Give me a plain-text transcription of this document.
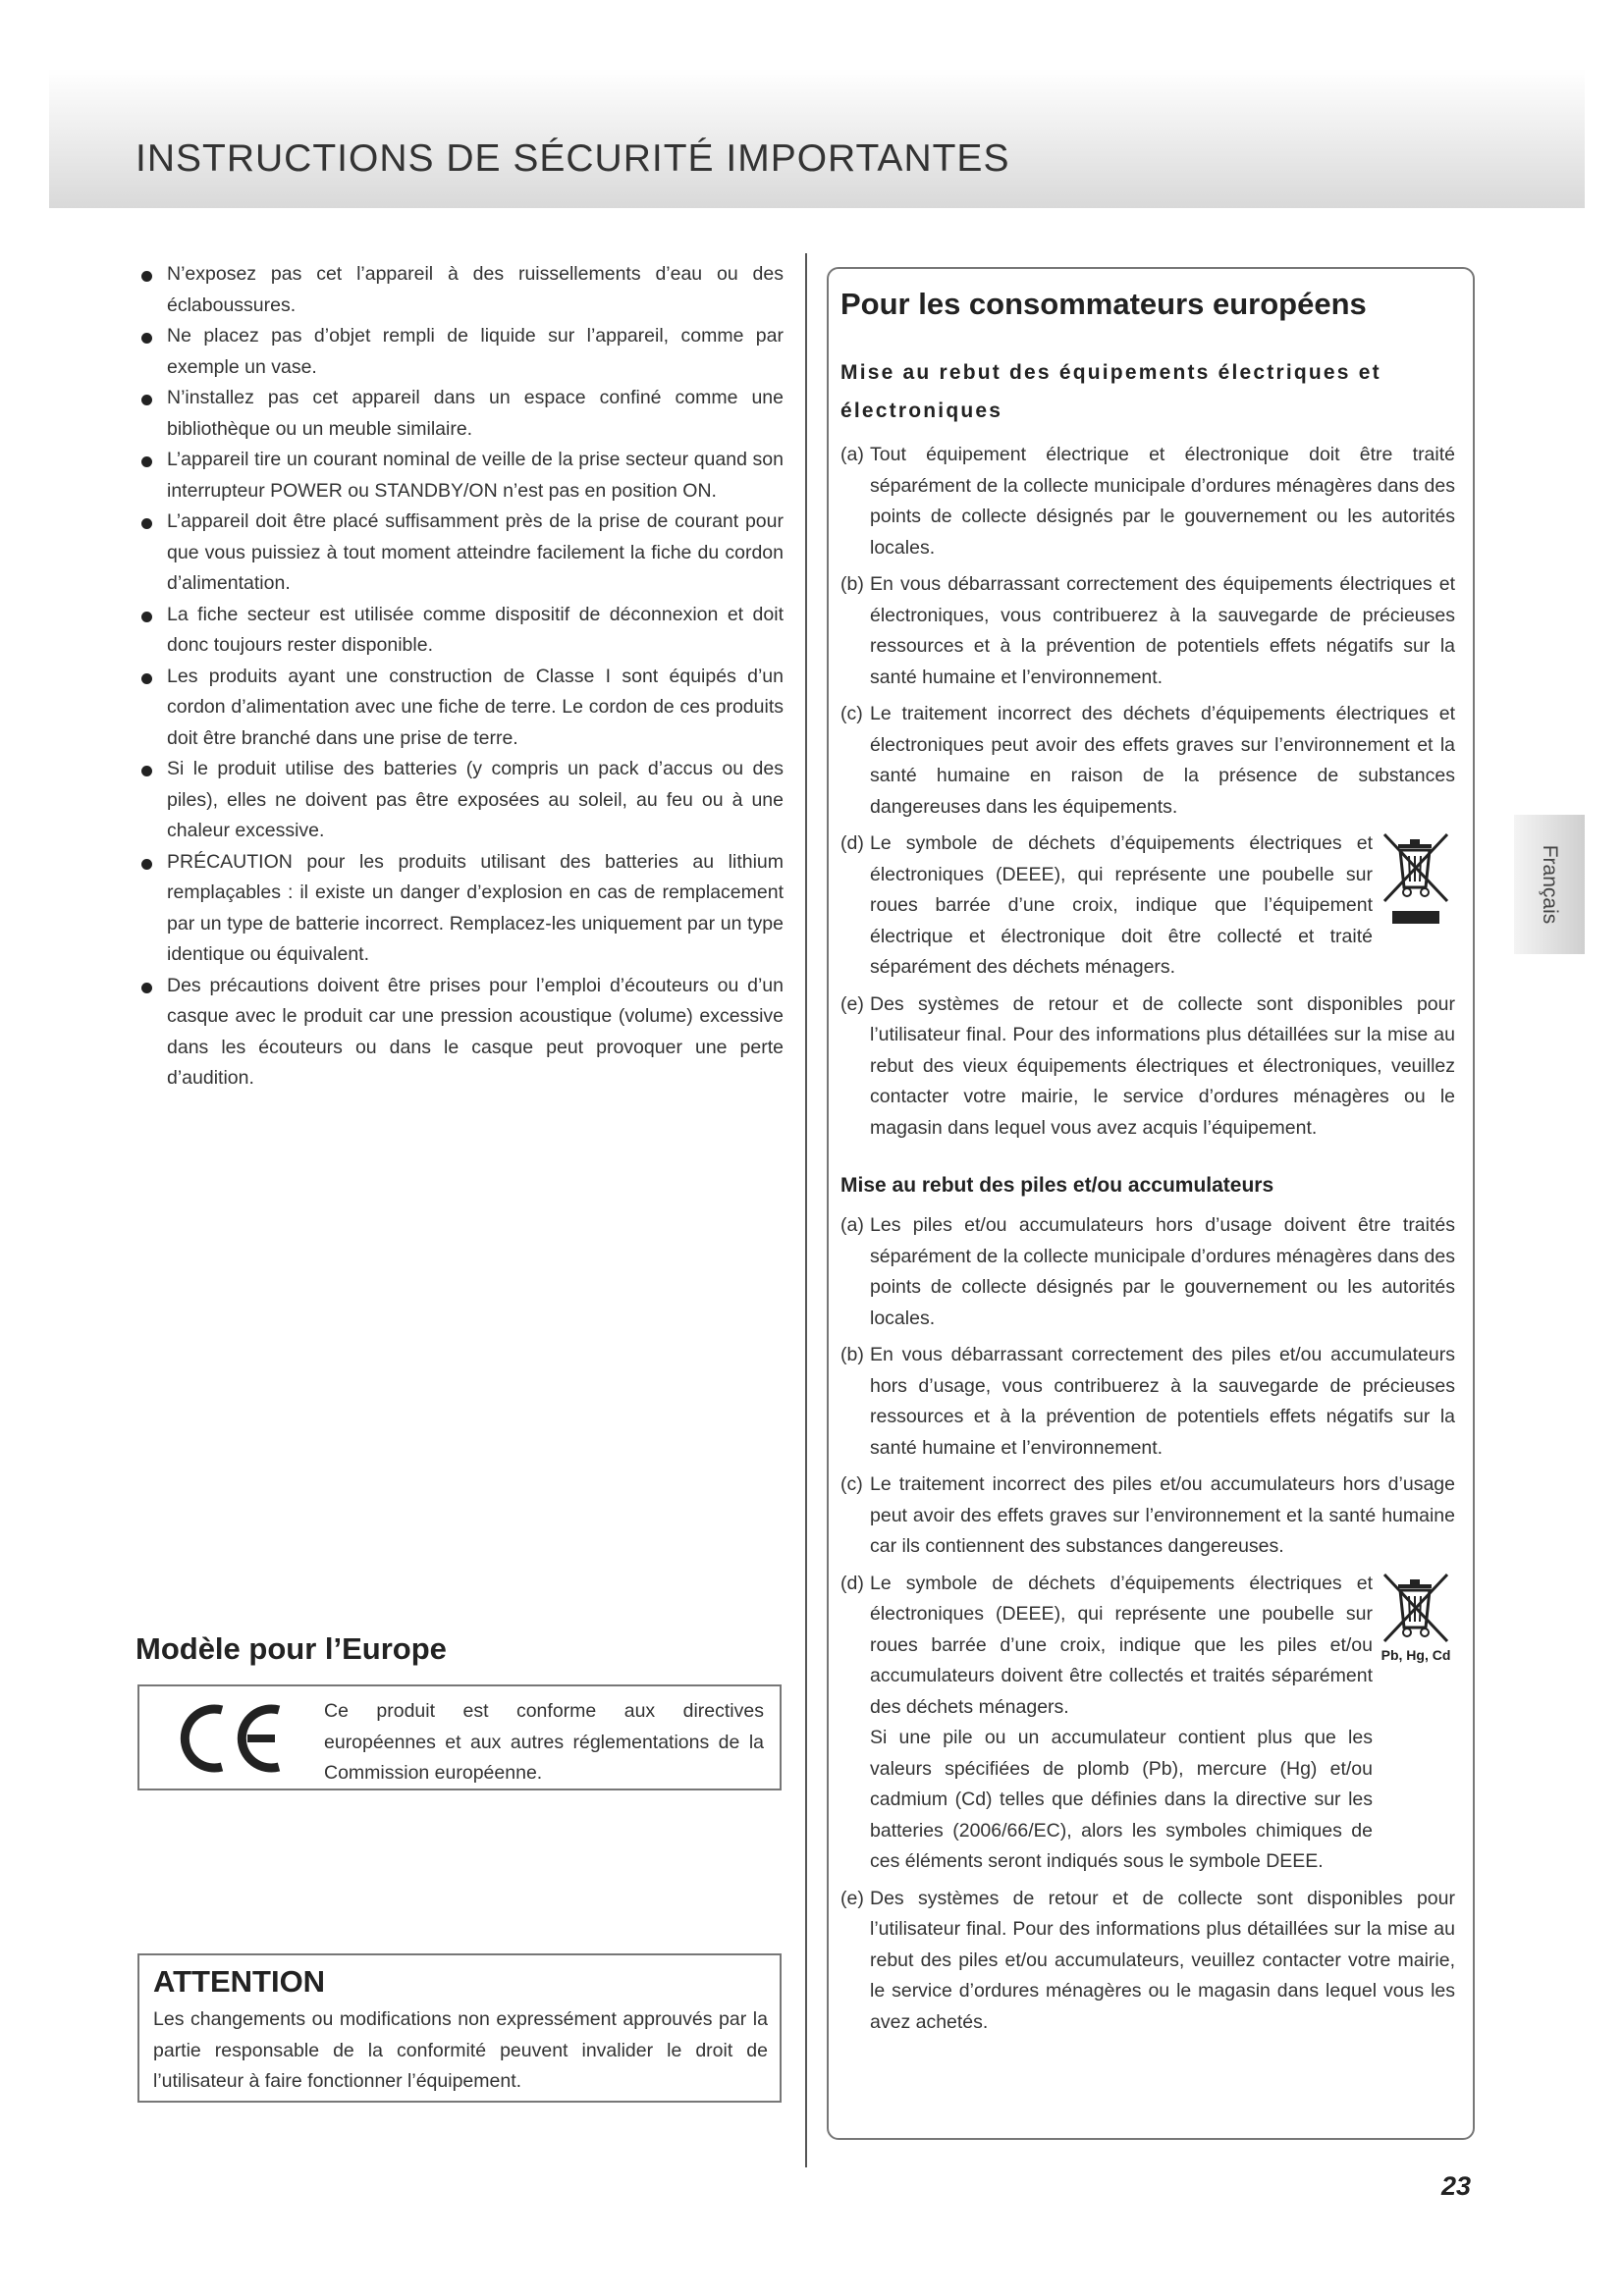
INSTRUCTIONS DE SÉCURITÉ IMPORTANTES
N’exposez pas cet l’appareil à des ruissellements d’eau ou des éclaboussures.
Ne placez pas d’objet rempli de liquide sur l’appareil, comme par exemple un vase.
N’installez pas cet appareil dans un espace confiné comme une bibliothèque ou un meuble similaire.
L’appareil tire un courant nominal de veille de la prise secteur quand son interrupteur POWER ou STANDBY/ON n’est pas en position ON.
L’appareil doit être placé suffisamment près de la prise de courant pour que vous puissiez à tout moment atteindre facilement la fiche du cordon d’alimentation.
La fiche secteur est utilisée comme dispositif de déconnexion et doit donc toujours rester disponible.
Les produits ayant une construction de Classe I sont équipés d’un cordon d’alimentation avec une fiche de terre. Le cordon de ces produits doit être branché dans une prise de terre.
Si le produit utilise des batteries (y compris un pack d’accus ou des piles), elles ne doivent pas être exposées au soleil, au feu ou à une chaleur excessive.
PRÉCAUTION pour les produits utilisant des batteries au lithium remplaçables : il existe un danger d’explosion en cas de remplacement par un type de batterie incorrect. Remplacez-les uniquement par un type identique ou équivalent.
Des précautions doivent être prises pour l’emploi d’écouteurs ou d’un casque avec le produit car une pression acoustique (volume) excessive dans les écouteurs ou dans le casque peut provoquer une perte d’audition.
Modèle pour l’Europe
Ce produit est conforme aux directives européennes et aux autres réglementations de la Commission européenne.
ATTENTION

Les changements ou modifications non expressément approuvés par la partie responsable de la conformité peuvent invalider le droit de l’utilisateur à faire fonctionner l’équipement.

Pour les consommateurs européens

Mise au rebut des équipements électriques et électroniques

(a) Tout équipement électrique et électronique doit être traité séparément de la collecte municipale d’ordures ménagères dans des points de collecte désignés par le gouvernement ou les autorités locales.
(b) En vous débarrassant correctement des équipements électriques et électroniques, vous contribuerez à la sauvegarde de précieuses ressources et à la prévention de potentiels effets négatifs sur la santé humaine et l’environnement.
(c) Le traitement incorrect des déchets d’équipements électriques et électroniques peut avoir des effets graves sur l’environnement et la santé humaine en raison de la présence de substances dangereuses dans les équipements.
(d) Le symbole de déchets d’équipements électriques et électroniques (DEEE), qui représente une poubelle sur roues barrée d’une croix, indique que l’équipement électrique et électronique doit être collecté et traité séparément des déchets ménagers.
(e) Des systèmes de retour et de collecte sont disponibles pour l’utilisateur final. Pour des informations plus détaillées sur la mise au rebut des vieux équipements électriques et électroniques, veuillez contacter votre mairie, le service d’ordures ménagères ou le magasin dans lequel vous avez acquis l’équipement.

Mise au rebut des piles et/ou accumulateurs

(a) Les piles et/ou accumulateurs hors d’usage doivent être traités séparément de la collecte municipale d’ordures ménagères dans des points de collecte désignés par le gouvernement ou les autorités locales.
(b) En vous débarrassant correctement des piles et/ou accumulateurs hors d’usage, vous contribuerez à la sauvegarde de précieuses ressources et à la prévention de potentiels effets négatifs sur la santé humaine et l’environnement.
(c) Le traitement incorrect des piles et/ou accumulateurs hors d’usage peut avoir des effets graves sur l’environnement et la santé humaine car ils contiennent des substances dangereuses.
Pb, Hg, Cd
(d) Le symbole de déchets d’équipements électriques et électroniques (DEEE), qui représente une poubelle sur roues barrée d’une croix, indique que les piles et/ou accumulateurs doivent être collectés et traités séparément des déchets ménagers.
Si une pile ou un accumulateur contient plus que les valeurs spécifiées de plomb (Pb), mercure (Hg) et/ou cadmium (Cd) telles que définies dans la directive sur les batteries (2006/66/EC), alors les symboles chimiques de ces éléments seront indiqués sous le symbole DEEE.
(e) Des systèmes de retour et de collecte sont disponibles pour l’utilisateur final. Pour des informations plus détaillées sur la mise au rebut des piles et/ou accumulateurs, veuillez contacter votre mairie, le service d’ordures ménagères ou le magasin dans lequel vous les avez achetés.
Français
23
